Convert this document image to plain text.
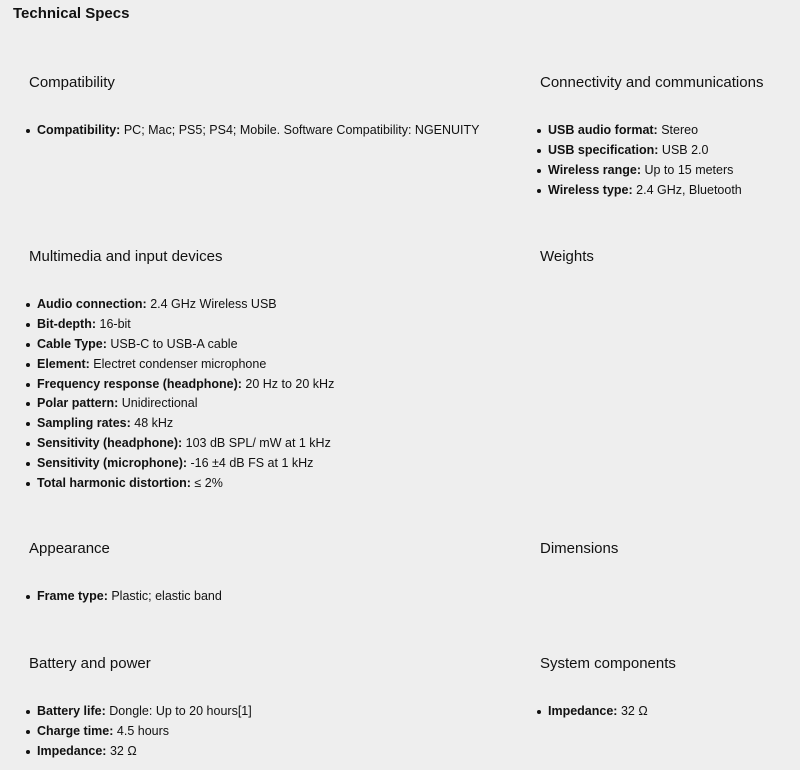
Technical Specs
Compatibility
Compatibility: PC; Mac; PS5; PS4; Mobile. Software Compatibility: NGENUITY
Connectivity and communications
USB audio format: Stereo
USB specification: USB 2.0
Wireless range: Up to 15 meters
Wireless type: 2.4 GHz, Bluetooth
Multimedia and input devices
Audio connection: 2.4 GHz Wireless USB
Bit-depth: 16-bit
Cable Type: USB-C to USB-A cable
Element: Electret condenser microphone
Frequency response (headphone): 20 Hz to 20 kHz
Polar pattern: Unidirectional
Sampling rates: 48 kHz
Sensitivity (headphone): 103 dB SPL/ mW at 1 kHz
Sensitivity (microphone): -16 ±4 dB FS at 1 kHz
Total harmonic distortion: ≤ 2%
Weights
Appearance
Frame type: Plastic; elastic band
Dimensions
Battery and power
Battery life: Dongle: Up to 20 hours[1]
Charge time: 4.5 hours
Impedance: 32 Ω
System components
Impedance: 32 Ω
